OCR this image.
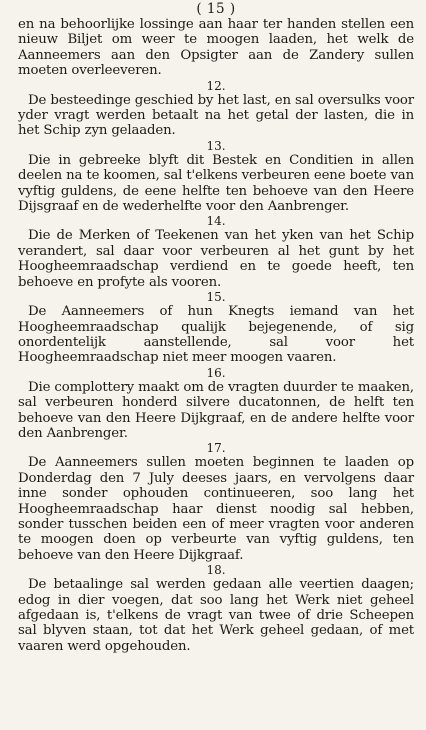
( 15 )

en na behoorlijke lossinge aan haar ter handen stellen een nieuw Biljet om weer te moogen laaden, het welk de Aanneemers aan den Opsigter aan de Zandery sullen moeten overleeveren.

12.

De besteedinge geschied by het last, en sal oversulks voor yder vragt werden betaalt na het getal der lasten, die in het Schip zyn gelaaden.

13.

Die in gebreeke blyft dit Bestek en Conditien in allen deelen na te koomen, sal t'elkens verbeuren eene boete van vyftig guldens, de eene helfte ten behoeve van den Heere Dijsgraaf en de wederhelfte voor den Aanbrenger.

14.

Die de Merken of Teekenen van het yken van het Schip verandert, sal daar voor verbeuren al het gunt by het Hoogheemraadschap verdiend en te goede heeft, ten behoeve en profyte als vooren.

15.

De Aanneemers of hun Knegts iemand van het Hoogheemraadschap qualijk bejegenende, of sig onordentelijk aanstellende, sal voor het Hoogheemraadschap niet meer moogen vaaren.

16.

Die complottery maakt om de vragten duurder te maaken, sal verbeuren honderd silvere ducatonnen, de helft ten behoeve van den Heere Dijkgraaf, en de andere helfte voor den Aanbrenger.

17.

De Aanneemers sullen moeten beginnen te laaden op Donderdag den 7 July deeses jaars, en vervolgens daar inne sonder ophouden continueeren, soo lang het Hoogheemraadschap haar dienst noodig sal hebben, sonder tusschen beiden een of meer vragten voor anderen te moogen doen op verbeurte van vyftig guldens, ten behoeve van den Heere Dijkgraaf.

18.

De betaalinge sal werden gedaan alle veertien daagen; edog in dier voegen, dat soo lang het Werk niet geheel afgedaan is, t'elkens de vragt van twee of drie Scheepen sal blyven staan, tot dat het Werk geheel gedaan, of met vaaren werd opgehouden.
